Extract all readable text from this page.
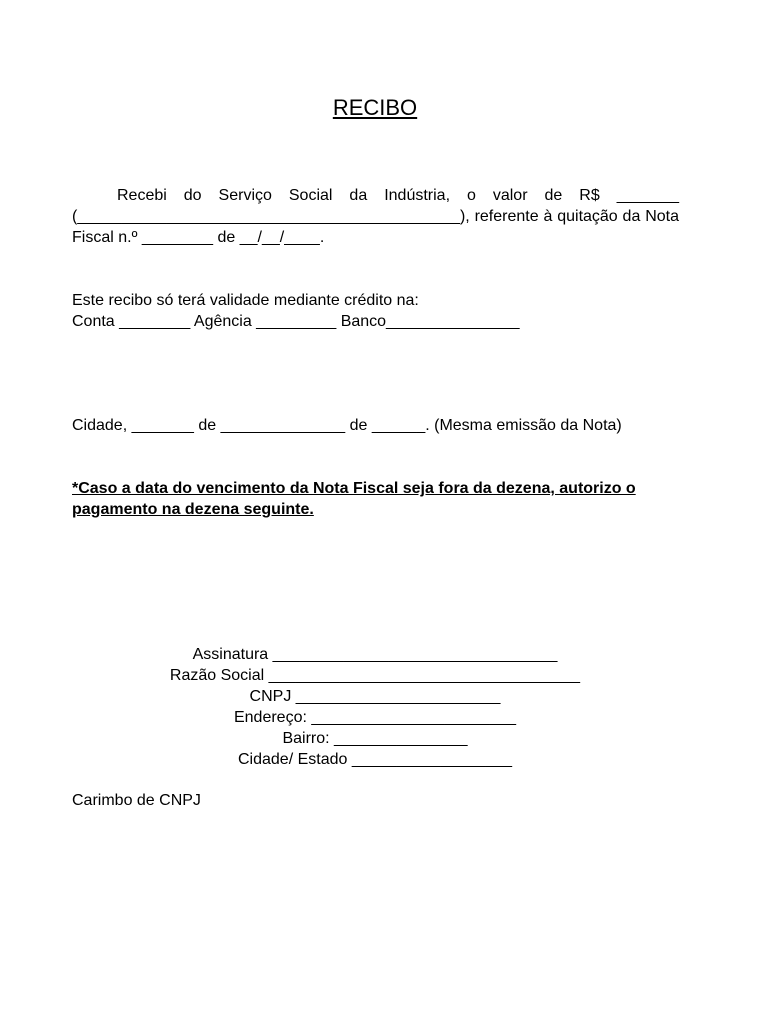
RECIBO
Recebi do Serviço Social da Indústria, o valor de R$ _______ (___________________________________________), referente à quitação da Nota Fiscal n.º ________ de __/__/____.
Este recibo só terá validade mediante crédito na:
Conta ________ Agência _________ Banco_______________
Cidade, _______ de ______________ de ______. (Mesma emissão da Nota)
*Caso a data do vencimento da Nota Fiscal seja fora da dezena, autorizo o pagamento na dezena seguinte.
Assinatura ________________________________
Razão Social ___________________________________
CNPJ _______________________
Endereço: _______________________
Bairro: _______________
Cidade/ Estado __________________
Carimbo de CNPJ
